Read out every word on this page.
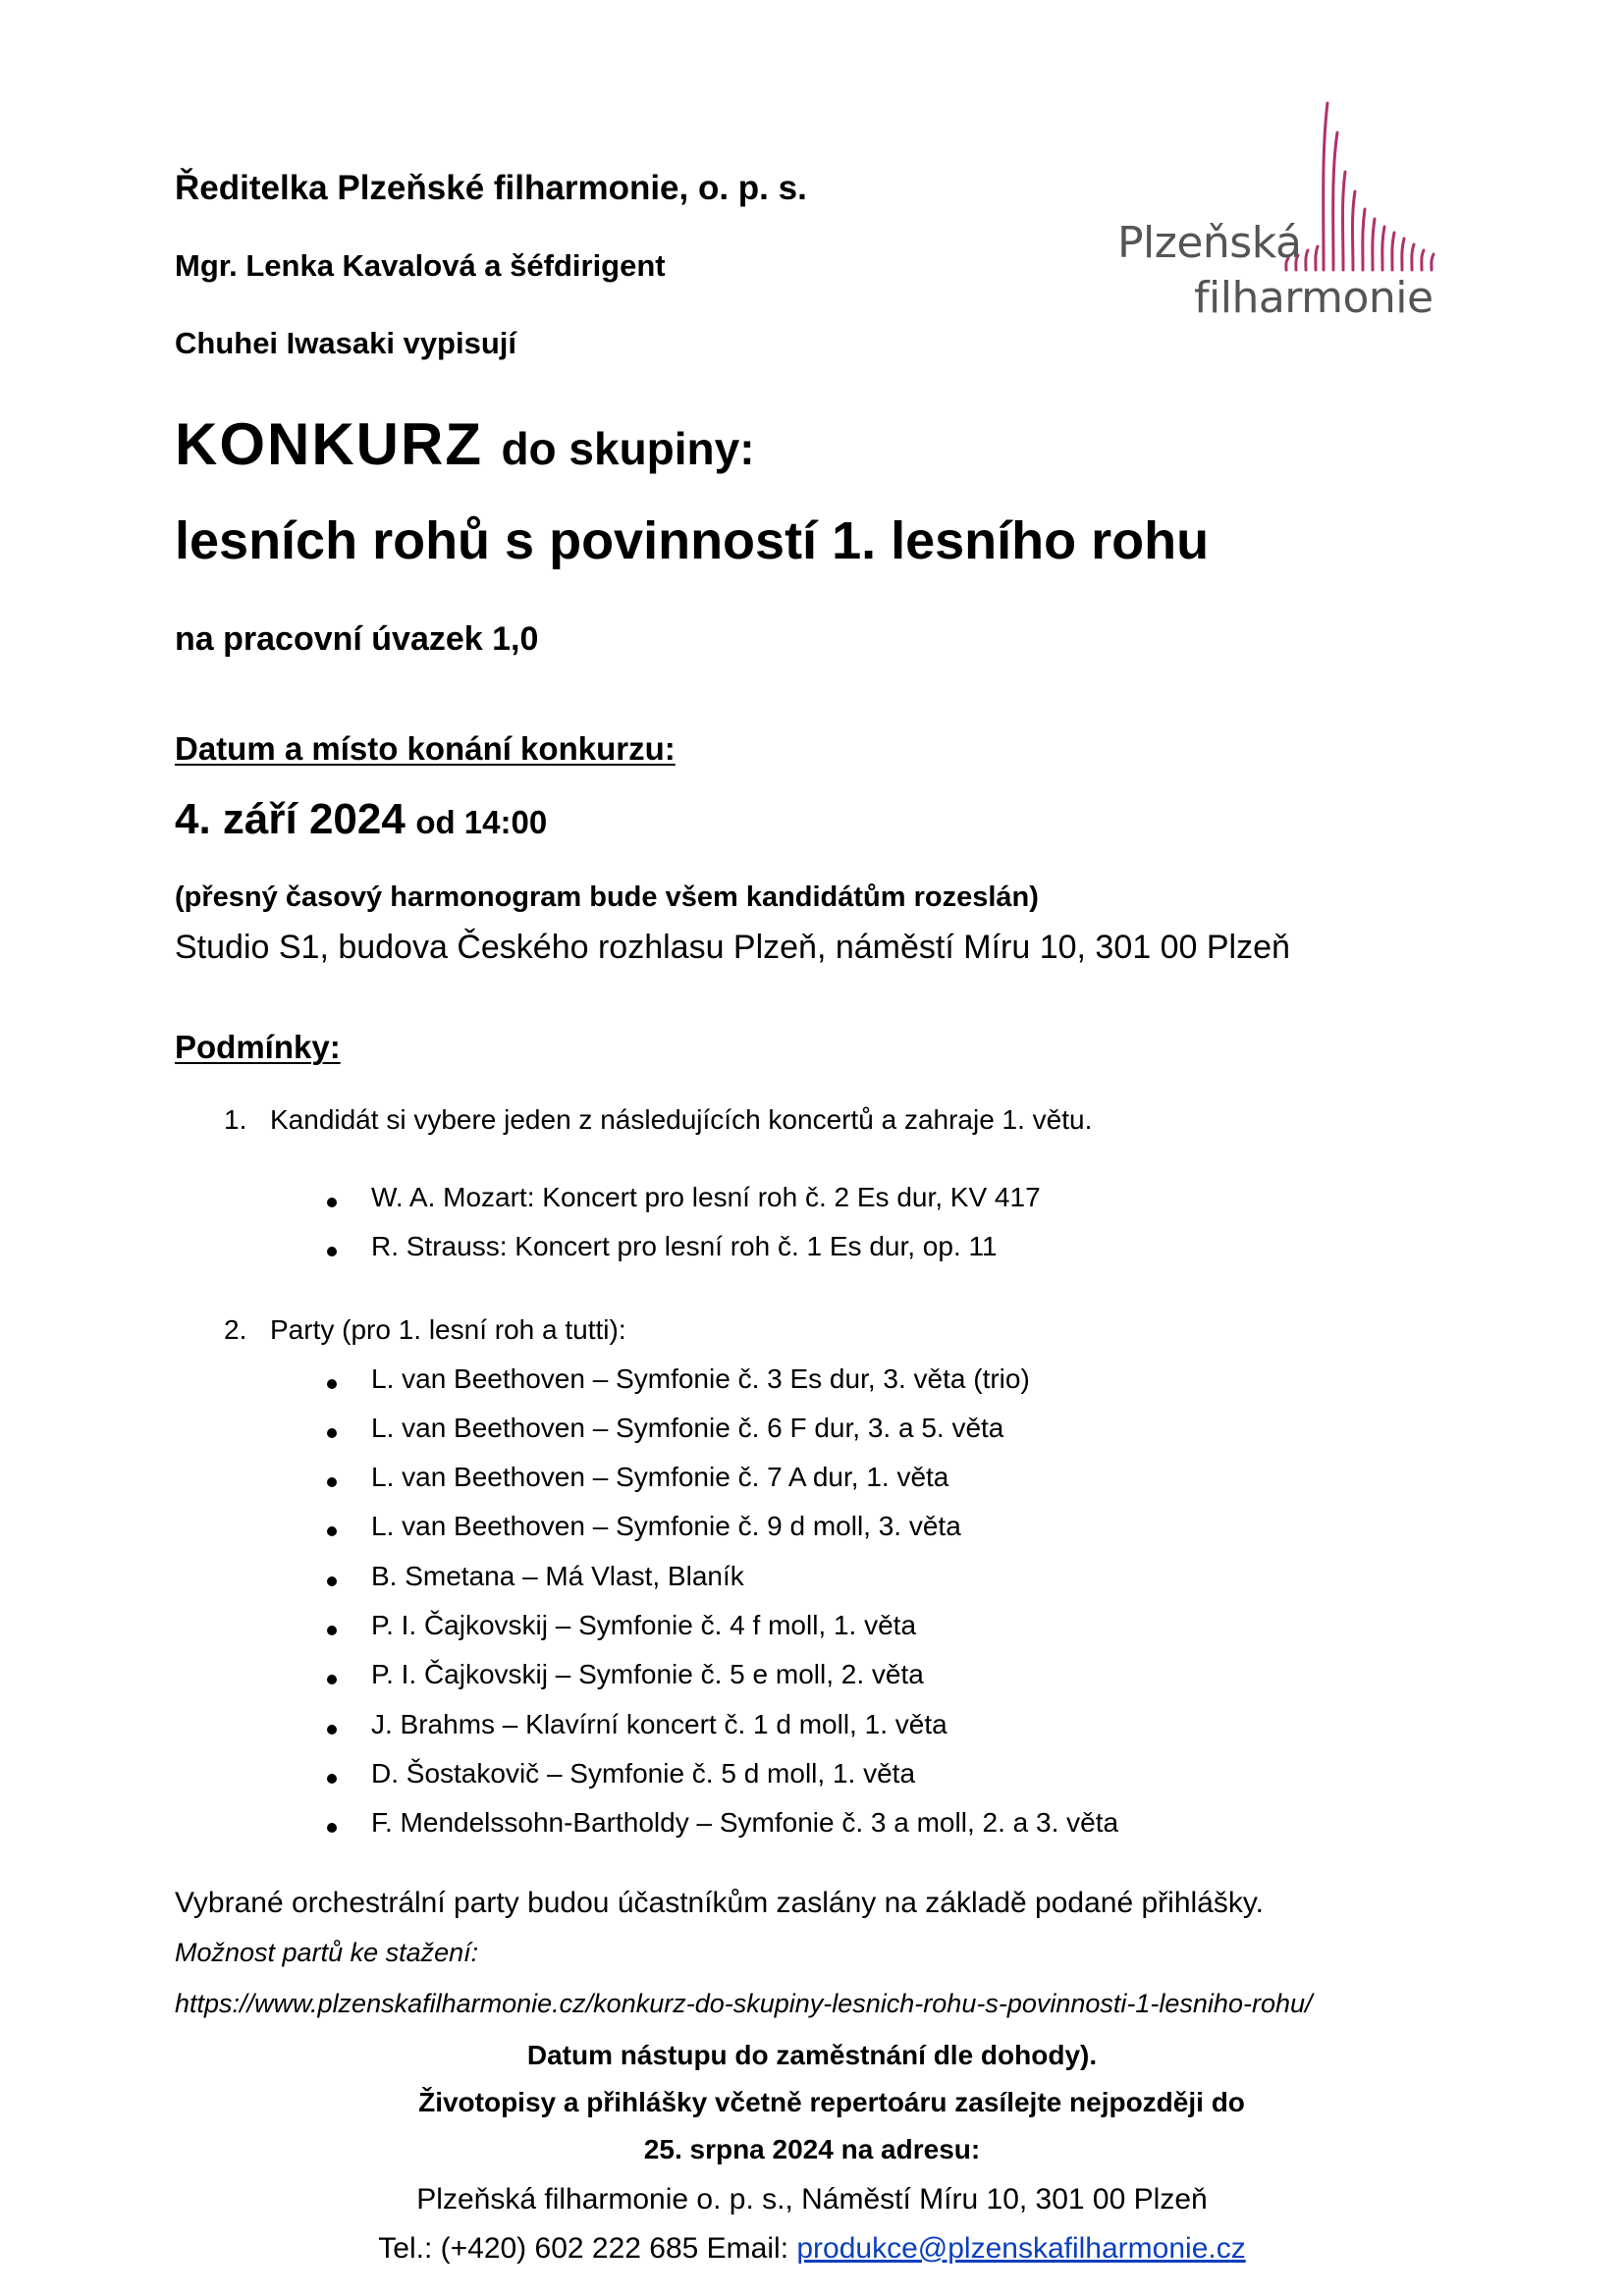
Ředitelka Plzeňské filharmonie, o. p. s.
Mgr. Lenka Kavalová a šéfdirigent
Chuhei Iwasaki vypisují
Plzeňská
filharmonie
KONKURZ do skupiny:
lesních rohů s povinností 1. lesního rohu
na pracovní úvazek 1,0
Datum a místo konání konkurzu:
4. září 2024 od 14:00
(přesný časový harmonogram bude všem kandidátům rozeslán)
Studio S1, budova Českého rozhlasu Plzeň, náměstí Míru 10, 301 00 Plzeň
Podmínky:
1. Kandidát si vybere jeden z následujících koncertů a zahraje 1. větu.
W. A. Mozart: Koncert pro lesní roh č. 2 Es dur, KV 417
R. Strauss: Koncert pro lesní roh č. 1 Es dur, op. 11
2. Party (pro 1. lesní roh a tutti):
L. van Beethoven – Symfonie č. 3 Es dur, 3. věta (trio)
L. van Beethoven – Symfonie č. 6 F dur, 3. a 5. věta
L. van Beethoven – Symfonie č. 7 A dur, 1. věta
L. van Beethoven – Symfonie č. 9 d moll, 3. věta
B. Smetana – Má Vlast, Blaník
P. I. Čajkovskij – Symfonie č. 4 f moll, 1. věta
P. I. Čajkovskij – Symfonie č. 5 e moll, 2. věta
J. Brahms – Klavírní koncert č. 1 d moll, 1. věta
D. Šostakovič – Symfonie č. 5 d moll, 1. věta
F. Mendelssohn-Bartholdy – Symfonie č. 3 a moll, 2. a 3. věta
Vybrané orchestrální party budou účastníkům zaslány na základě podané přihlášky.
Možnost partů ke stažení:
https://www.plzenskafilharmonie.cz/konkurz-do-skupiny-lesnich-rohu-s-povinnosti-1-lesniho-rohu/
Datum nástupu do zaměstnání dle dohody).
Životopisy a přihlášky včetně repertoáru zasílejte nejpozději do
25. srpna 2024 na adresu:
Plzeňská filharmonie o. p. s., Náměstí Míru 10, 301 00 Plzeň
Tel.: (+420) 602 222 685 Email: produkce@plzenskafilharmonie.cz
